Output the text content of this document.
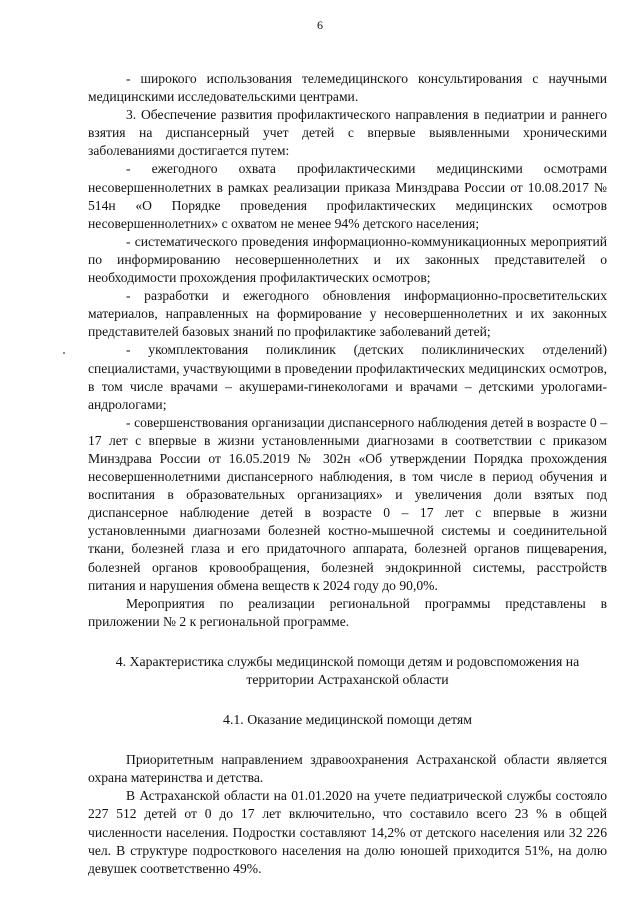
6

- широкого использования телемедицинского консультирования с научными медицинскими исследовательскими центрами.

3. Обеспечение развития профилактического направления в педиатрии и раннего взятия на диспансерный учет детей с впервые выявленными хроническими заболеваниями достигается путем:

- ежегодного охвата профилактическими медицинскими осмотрами несовершеннолетних в рамках реализации приказа Минздрава России от 10.08.2017 № 514н «О Порядке проведения профилактических медицинских осмотров несовершеннолетних» с охватом не менее 94% детского населения;

- систематического проведения информационно-коммуникационных мероприятий по информированию несовершеннолетних и их законных представителей о необходимости прохождения профилактических осмотров;

- разработки и ежегодного обновления информационно-просветительских материалов, направленных на формирование у несовершеннолетних и их законных представителей базовых знаний по профилактике заболеваний детей;

- укомплектования поликлиник (детских поликлинических отделений) специалистами, участвующими в проведении профилактических медицинских осмотров, в том числе врачами – акушерами-гинекологами и врачами – детскими урологами-андрологами;

- совершенствования организации диспансерного наблюдения детей в возрасте 0 – 17 лет с впервые в жизни установленными диагнозами в соответствии с приказом Минздрава России от 16.05.2019 № 302н «Об утверждении Порядка прохождения несовершеннолетними диспансерного наблюдения, в том числе в период обучения и воспитания в образовательных организациях» и увеличения доли взятых под диспансерное наблюдение детей в возрасте 0 – 17 лет с впервые в жизни установленными диагнозами болезней костно-мышечной системы и соединительной ткани, болезней глаза и его придаточного аппарата, болезней органов пищеварения, болезней органов кровообращения, болезней эндокринной системы, расстройств питания и нарушения обмена веществ к 2024 году до 90,0%.

Мероприятия по реализации региональной программы представлены в приложении № 2 к региональной программе.

4. Характеристика службы медицинской помощи детям и родовспоможения на территории Астраханской области

4.1. Оказание медицинской помощи детям

Приоритетным направлением здравоохранения Астраханской области является охрана материнства и детства.

В Астраханской области на 01.01.2020 на учете педиатрической службы состояло 227 512 детей от 0 до 17 лет включительно, что составило всего 23 % в общей численности населения. Подростки составляют 14,2% от детского населения или 32 226 чел. В структуре подросткового населения на долю юношей приходится 51%, на долю девушек соответственно 49%.
